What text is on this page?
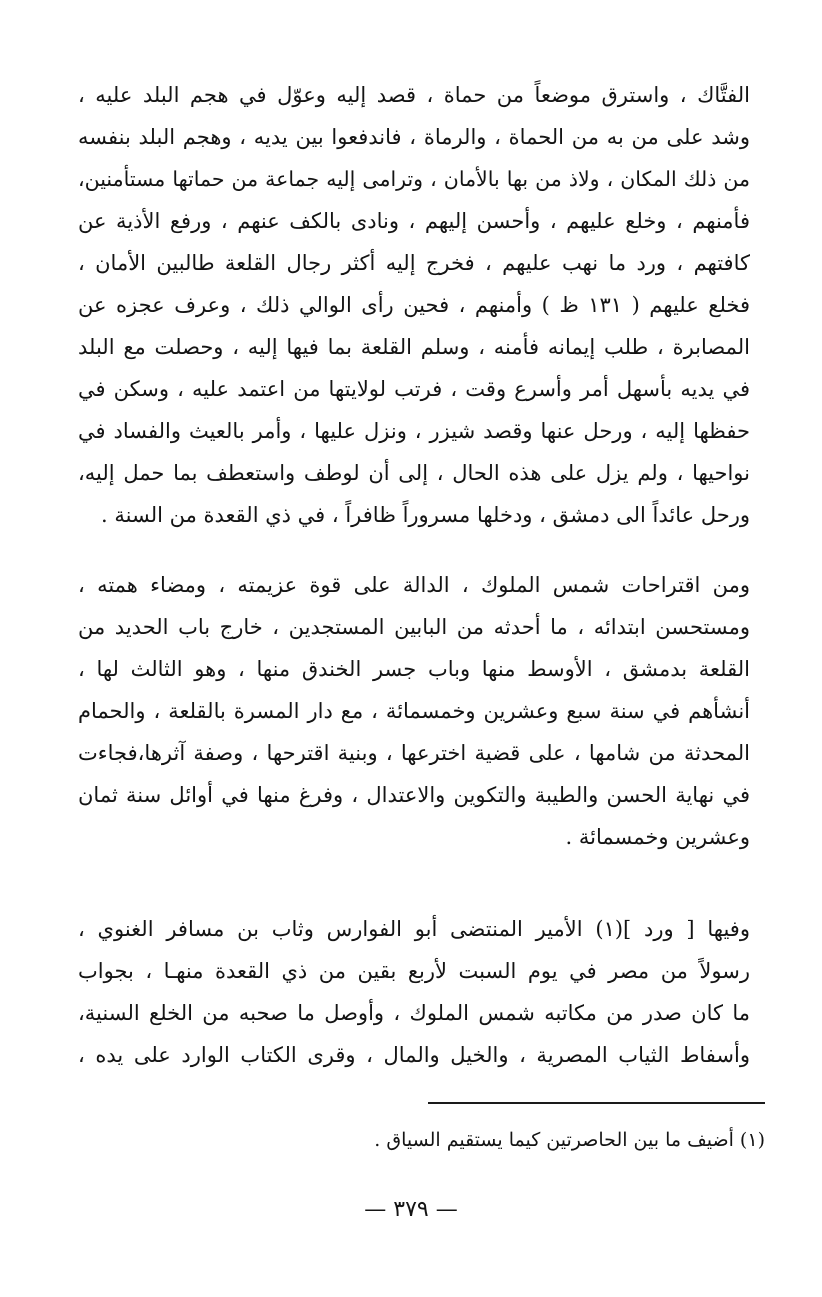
الفتَّاك ، واسترق موضعاً من حماة ، قصد إليه وعوّل في هجم البلد عليه ،
وشد على من به من الحماة ، والرماة ، فاندفعوا بين يديه ، وهجم البلد بنفسه
من ذلك المكان ، ولاذ من بها بالأمان ، وترامى إليه جماعة من حماتها مستأمنين،
فأمنهم ، وخلع عليهم ، وأحسن إليهم ، ونادى بالكف عنهم ، ورفع الأذية عن
كافتهم ، ورد ما نهب عليهم ، فخرج إليه أكثر رجال القلعة طالبين الأمان ،
فخلع عليهم ( ١٣١ ظ ) وأمنهم ، فحين رأى الوالي ذلك ، وعرف عجزه عن
المصابرة ، طلب إيمانه فأمنه ، وسلم القلعة بما فيها إليه ، وحصلت مع البلد
في يديه بأسهل أمر وأسرع وقت ، فرتب لولايتها من اعتمد عليه ، وسكن في
حفظها إليه ، ورحل عنها وقصد شيزر ، ونزل عليها ، وأمر بالعيث والفساد في
نواحيها ، ولم يزل على هذه الحال ، إلى أن لوطف واستعطف بما حمل إليه،
ورحل عائداً الى دمشق ، ودخلها مسروراً ظافراً ، في ذي القعدة من السنة .
ومن اقتراحات شمس الملوك ، الدالة على قوة عزيمته ، ومضاء همته ،
ومستحسن ابتدائه ، ما أحدثه من البابين المستجدين ، خارج باب الحديد من
القلعة بدمشق ، الأوسط منها وباب جسر الخندق منها ، وهو الثالث لها ،
أنشأهم في سنة سبع وعشرين وخمسمائة ، مع دار المسرة بالقلعة ، والحمام
المحدثة من شامها ، على قضية اخترعها ، وبنية اقترحها ، وصفة آثرها،فجاءت
في نهاية الحسن والطيبة والتكوين والاعتدال ، وفرغ منها في أوائل سنة ثمان
وعشرين وخمسمائة .
وفيها [ ورد ](١) الأمير المنتضى أبو الفوارس وثاب بن مسافر الغنوي ،
رسولاً من مصر في يوم السبت لأربع بقين من ذي القعدة منهـا ، بجواب
ما كان صدر من مكاتبه شمس الملوك ، وأوصل ما صحبه من الخلع السنية،
وأسفاط الثياب المصرية ، والخيل والمال ، وقرى الكتاب الوارد على يده ،
(١) أضيف ما بين الحاصرتين كيما يستقيم السياق .
— ٣٧٩ —
